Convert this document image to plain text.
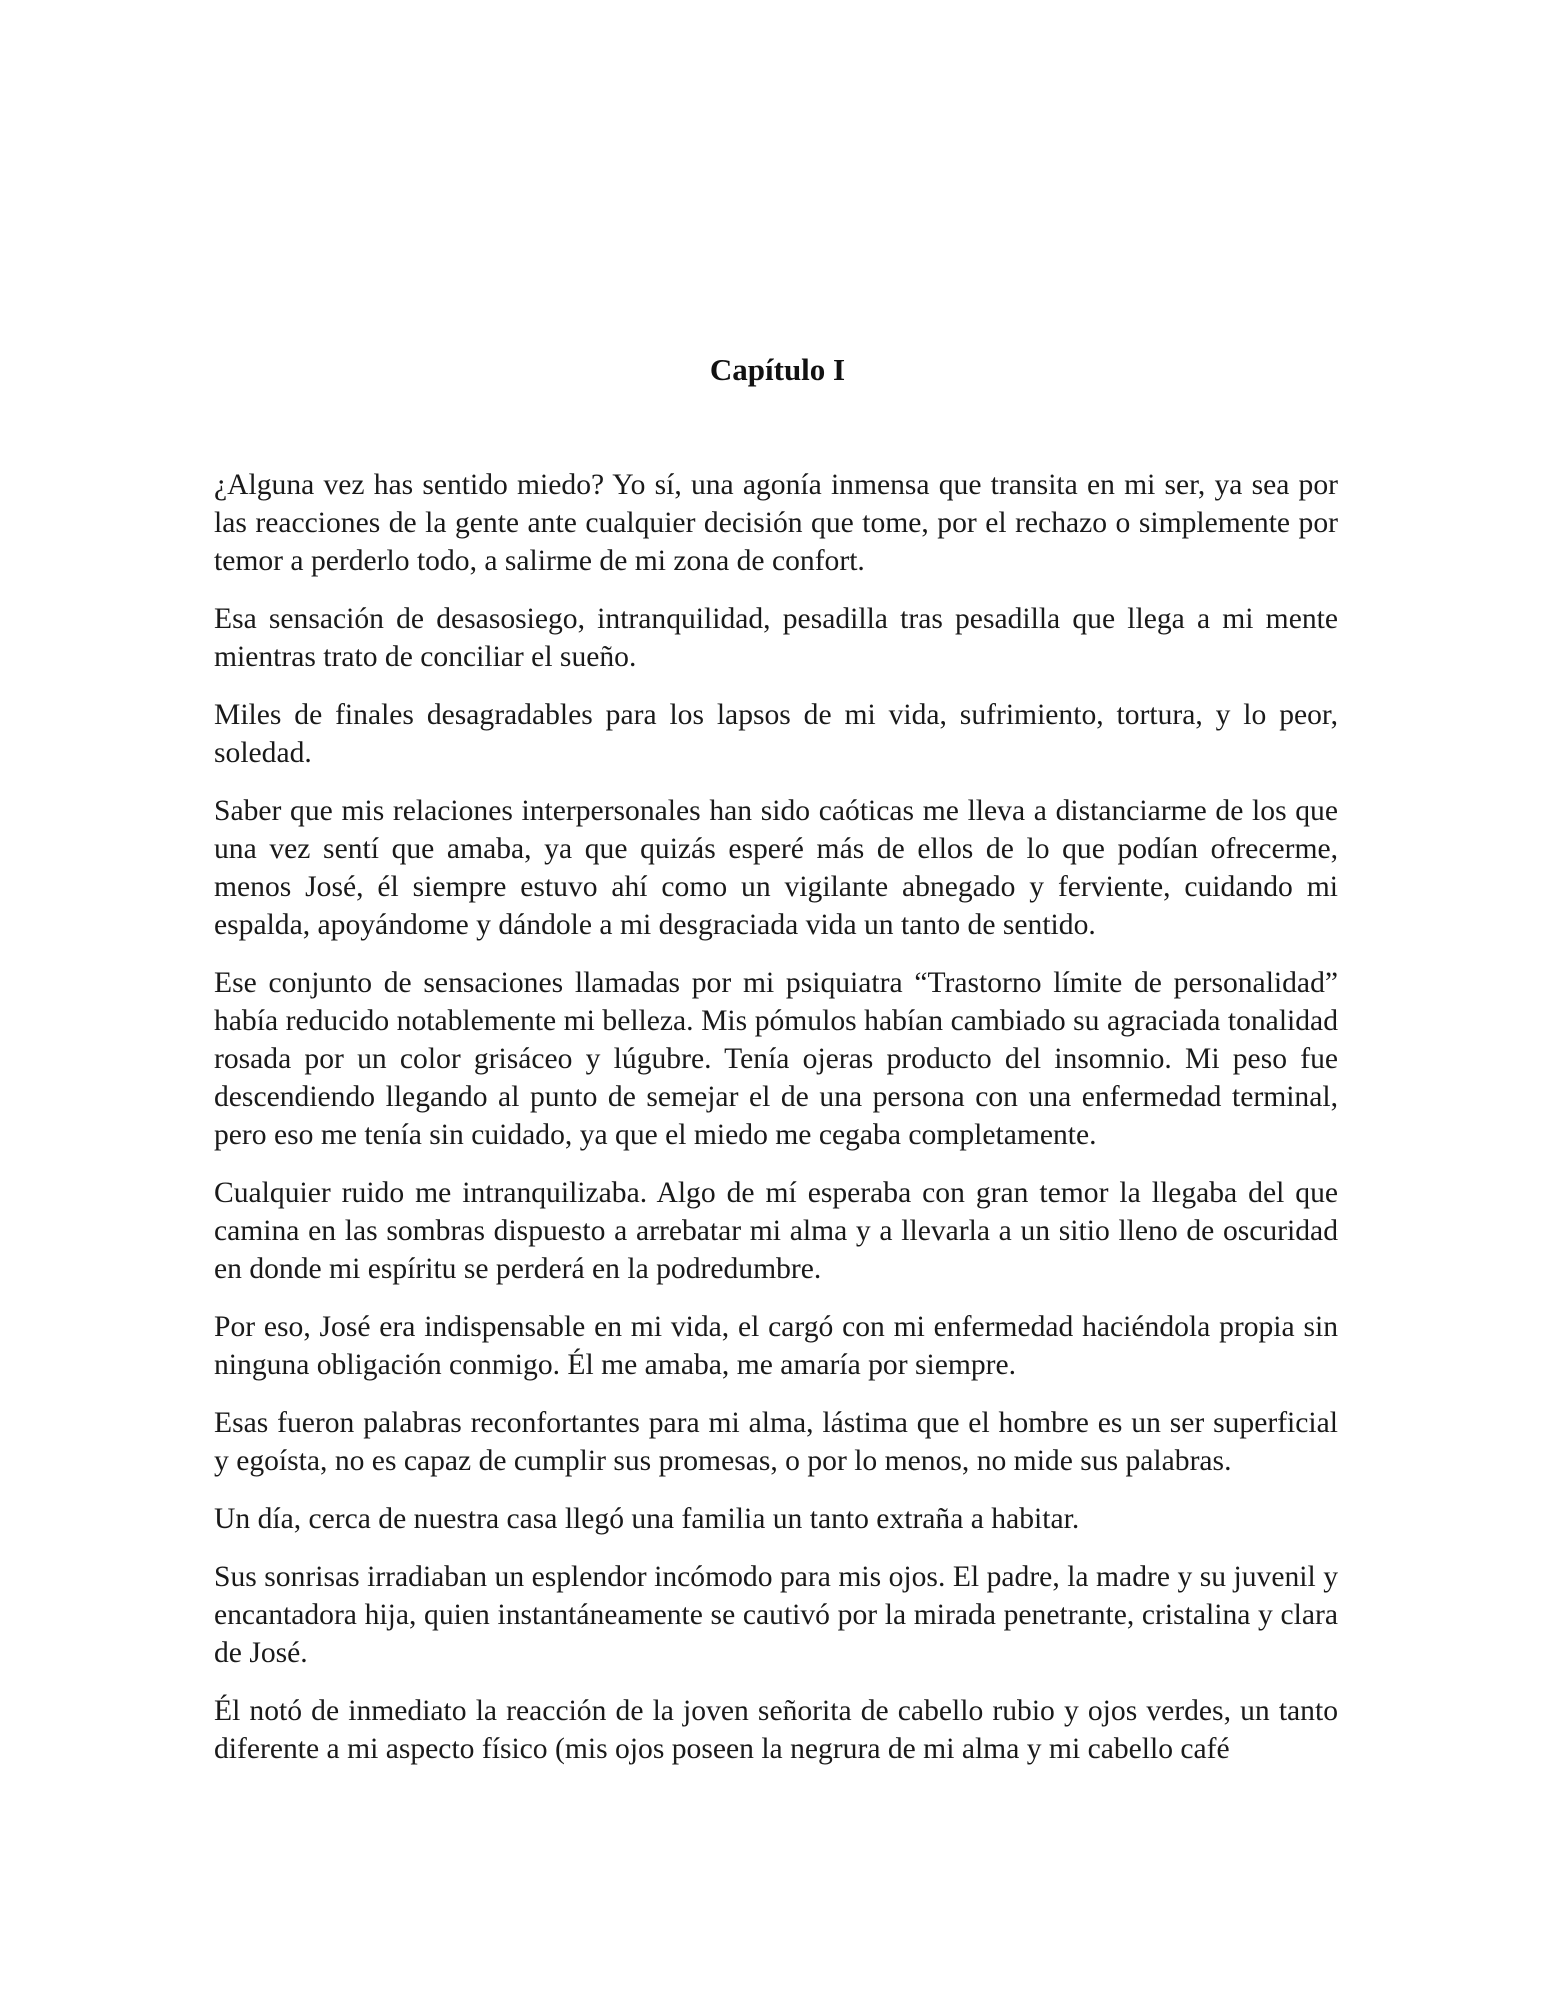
Capítulo I

¿Alguna vez has sentido miedo? Yo sí, una agonía inmensa que transita en mi ser, ya sea por las reacciones de la gente ante cualquier decisión que tome, por el rechazo o simplemente por temor a perderlo todo, a salirme de mi zona de confort.

Esa sensación de desasosiego, intranquilidad, pesadilla tras pesadilla que llega a mi mente mientras trato de conciliar el sueño.

Miles de finales desagradables para los lapsos de mi vida, sufrimiento, tortura, y lo peor, soledad.

Saber que mis relaciones interpersonales han sido caóticas me lleva a distanciarme de los que una vez sentí que amaba, ya que quizás esperé más de ellos de lo que podían ofrecerme, menos José, él siempre estuvo ahí como un vigilante abnegado y ferviente, cuidando mi espalda, apoyándome y dándole a mi desgraciada vida un tanto de sentido.

Ese conjunto de sensaciones llamadas por mi psiquiatra “Trastorno límite de personalidad” había reducido notablemente mi belleza. Mis pómulos habían cambiado su agraciada tonalidad rosada por un color grisáceo y lúgubre. Tenía ojeras producto del insomnio. Mi peso fue descendiendo llegando al punto de semejar el de una persona con una enfermedad terminal, pero eso me tenía sin cuidado, ya que el miedo me cegaba completamente.

Cualquier ruido me intranquilizaba. Algo de mí esperaba con gran temor la llegaba del que camina en las sombras dispuesto a arrebatar mi alma y a llevarla a un sitio lleno de oscuridad en donde mi espíritu se perderá en la podredumbre.

Por eso, José era indispensable en mi vida, el cargó con mi enfermedad haciéndola propia sin ninguna obligación conmigo. Él me amaba, me amaría por siempre.

Esas fueron palabras reconfortantes para mi alma, lástima que el hombre es un ser superficial y egoísta, no es capaz de cumplir sus promesas, o por lo menos, no mide sus palabras.

Un día, cerca de nuestra casa llegó una familia un tanto extraña a habitar.

Sus sonrisas irradiaban un esplendor incómodo para mis ojos. El padre, la madre y su juvenil y encantadora hija, quien instantáneamente se cautivó por la mirada penetrante, cristalina y clara de José.

Él notó de inmediato la reacción de la joven señorita de cabello rubio y ojos verdes, un tanto diferente a mi aspecto físico (mis ojos poseen la negrura de mi alma y mi cabello café
